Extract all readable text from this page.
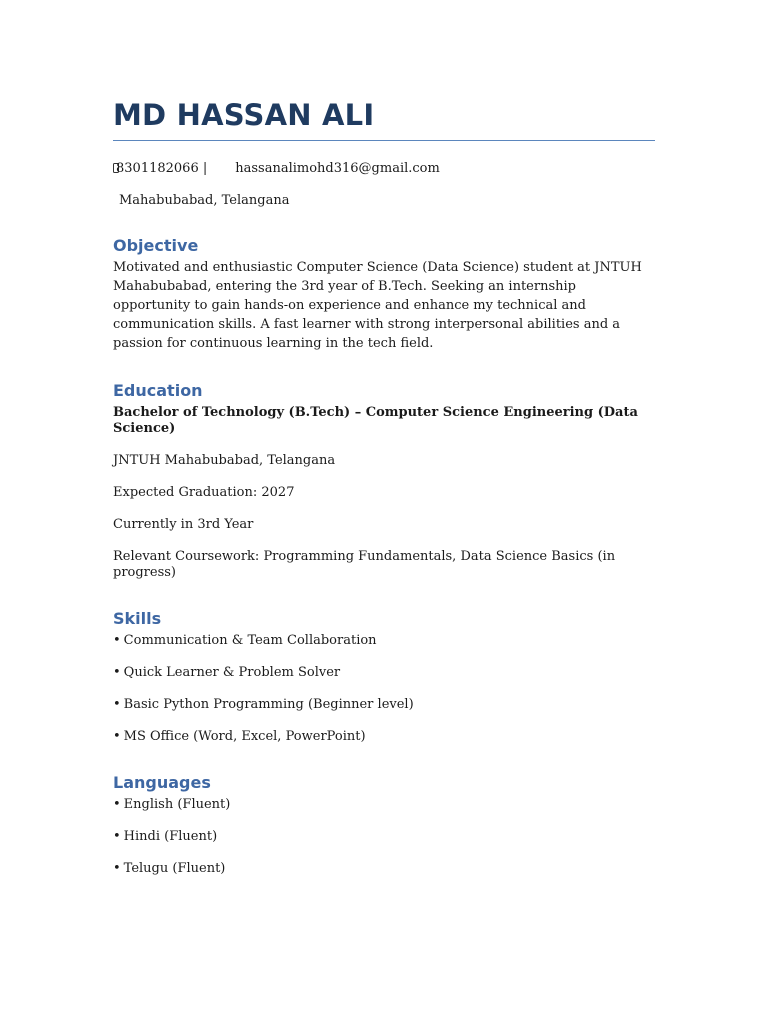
MD HASSAN ALI
8301182066 | hassanalimohd316@gmail.com
Mahabubabad, Telangana
Objective
Motivated and enthusiastic Computer Science (Data Science) student at JNTUH Mahabubabad, entering the 3rd year of B.Tech. Seeking an internship opportunity to gain hands-on experience and enhance my technical and communication skills. A fast learner with strong interpersonal abilities and a passion for continuous learning in the tech field.
Education
Bachelor of Technology (B.Tech) – Computer Science Engineering (Data Science)
JNTUH Mahabubabad, Telangana
Expected Graduation: 2027
Currently in 3rd Year
Relevant Coursework: Programming Fundamentals, Data Science Basics (in progress)
Skills
• Communication & Team Collaboration
• Quick Learner & Problem Solver
• Basic Python Programming (Beginner level)
• MS Office (Word, Excel, PowerPoint)
Languages
• English (Fluent)
• Hindi (Fluent)
• Telugu (Fluent)
